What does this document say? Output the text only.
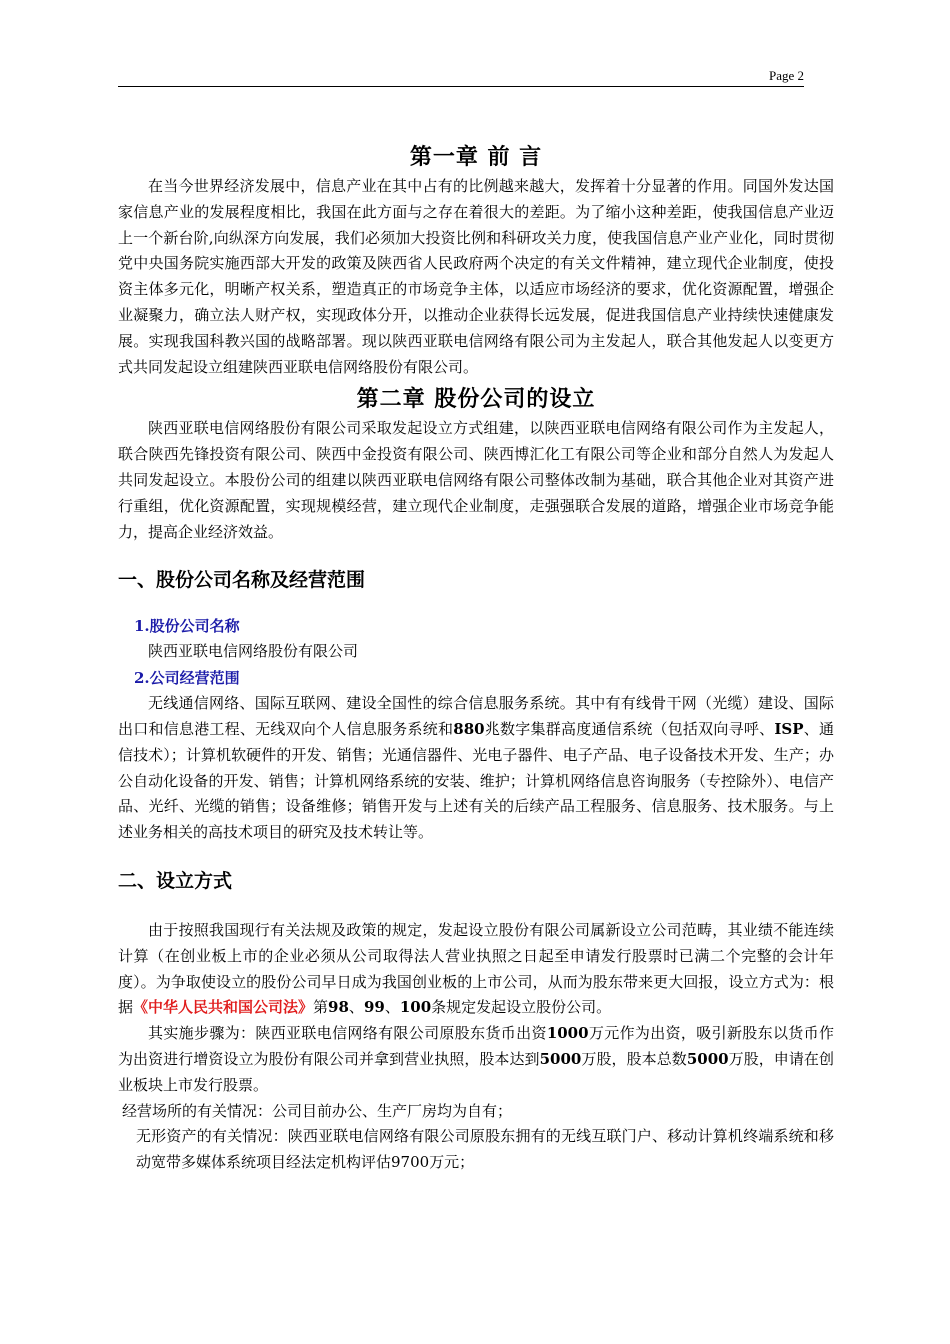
Page 2
第一章 前 言

在当今世界经济发展中，信息产业在其中占有的比例越来越大，发挥着十分显著的作用。同国外发达国家信息产业的发展程度相比，我国在此方面与之存在着很大的差距。为了缩小这种差距，使我国信息产业迈上一个新台阶,向纵深方向发展，我们必须加大投资比例和科研攻关力度，使我国信息产业产业化，同时贯彻党中央国务院实施西部大开发的政策及陕西省人民政府两个决定的有关文件精神，建立现代企业制度，使投资主体多元化，明晰产权关系，塑造真正的市场竞争主体，以适应市场经济的要求，优化资源配置，增强企业凝聚力，确立法人财产权，实现政体分开，以推动企业获得长远发展，促进我国信息产业持续快速健康发展。实现我国科教兴国的战略部署。现以陕西亚联电信网络有限公司为主发起人，联合其他发起人以变更方式共同发起设立组建陕西亚联电信网络股份有限公司。

第二章 股份公司的设立

陕西亚联电信网络股份有限公司采取发起设立方式组建，以陕西亚联电信网络有限公司作为主发起人，联合陕西先锋投资有限公司、陕西中金投资有限公司、陕西博汇化工有限公司等企业和部分自然人为发起人共同发起设立。本股份公司的组建以陕西亚联电信网络有限公司整体改制为基础，联合其他企业对其资产进行重组，优化资源配置，实现规模经营，建立现代企业制度，走强强联合发展的道路，增强企业市场竞争能力，提高企业经济效益。

一、股份公司名称及经营范围
1.股份公司名称

陕西亚联电信网络股份有限公司

2.公司经营范围

无线通信网络、国际互联网、建设全国性的综合信息服务系统。其中有有线骨干网（光缆）建设、国际出口和信息港工程、无线双向个人信息服务系统和880兆数字集群高度通信系统（包括双向寻呼、ISP、通信技术）；计算机软硬件的开发、销售；光通信器件、光电子器件、电子产品、电子设备技术开发、生产；办公自动化设备的开发、销售；计算机网络系统的安装、维护；计算机网络信息咨询服务（专控除外）、电信产品、光纤、光缆的销售；设备维修；销售开发与上述有关的后续产品工程服务、信息服务、技术服务。与上述业务相关的高技术项目的研究及技术转让等。

二、设立方式

由于按照我国现行有关法规及政策的规定，发起设立股份有限公司属新设立公司范畴，其业绩不能连续计算（在创业板上市的企业必须从公司取得法人营业执照之日起至申请发行股票时已满二个完整的会计年度）。为争取使设立的股份公司早日成为我国创业板的上市公司，从而为股东带来更大回报，设立方式为：根据《中华人民共和国公司法》第98、99、100条规定发起设立股份公司。

其实施步骤为：陕西亚联电信网络有限公司原股东货币出资1000万元作为出资，吸引新股东以货币作为出资进行增资设立为股份有限公司并拿到营业执照，股本达到5000万股，股本总数5000万股，申请在创业板块上市发行股票。

经营场所的有关情况：公司目前办公、生产厂房均为自有；

无形资产的有关情况：陕西亚联电信网络有限公司原股东拥有的无线互联门户、移动计算机终端系统和移动宽带多媒体系统项目经法定机构评估9700万元；
